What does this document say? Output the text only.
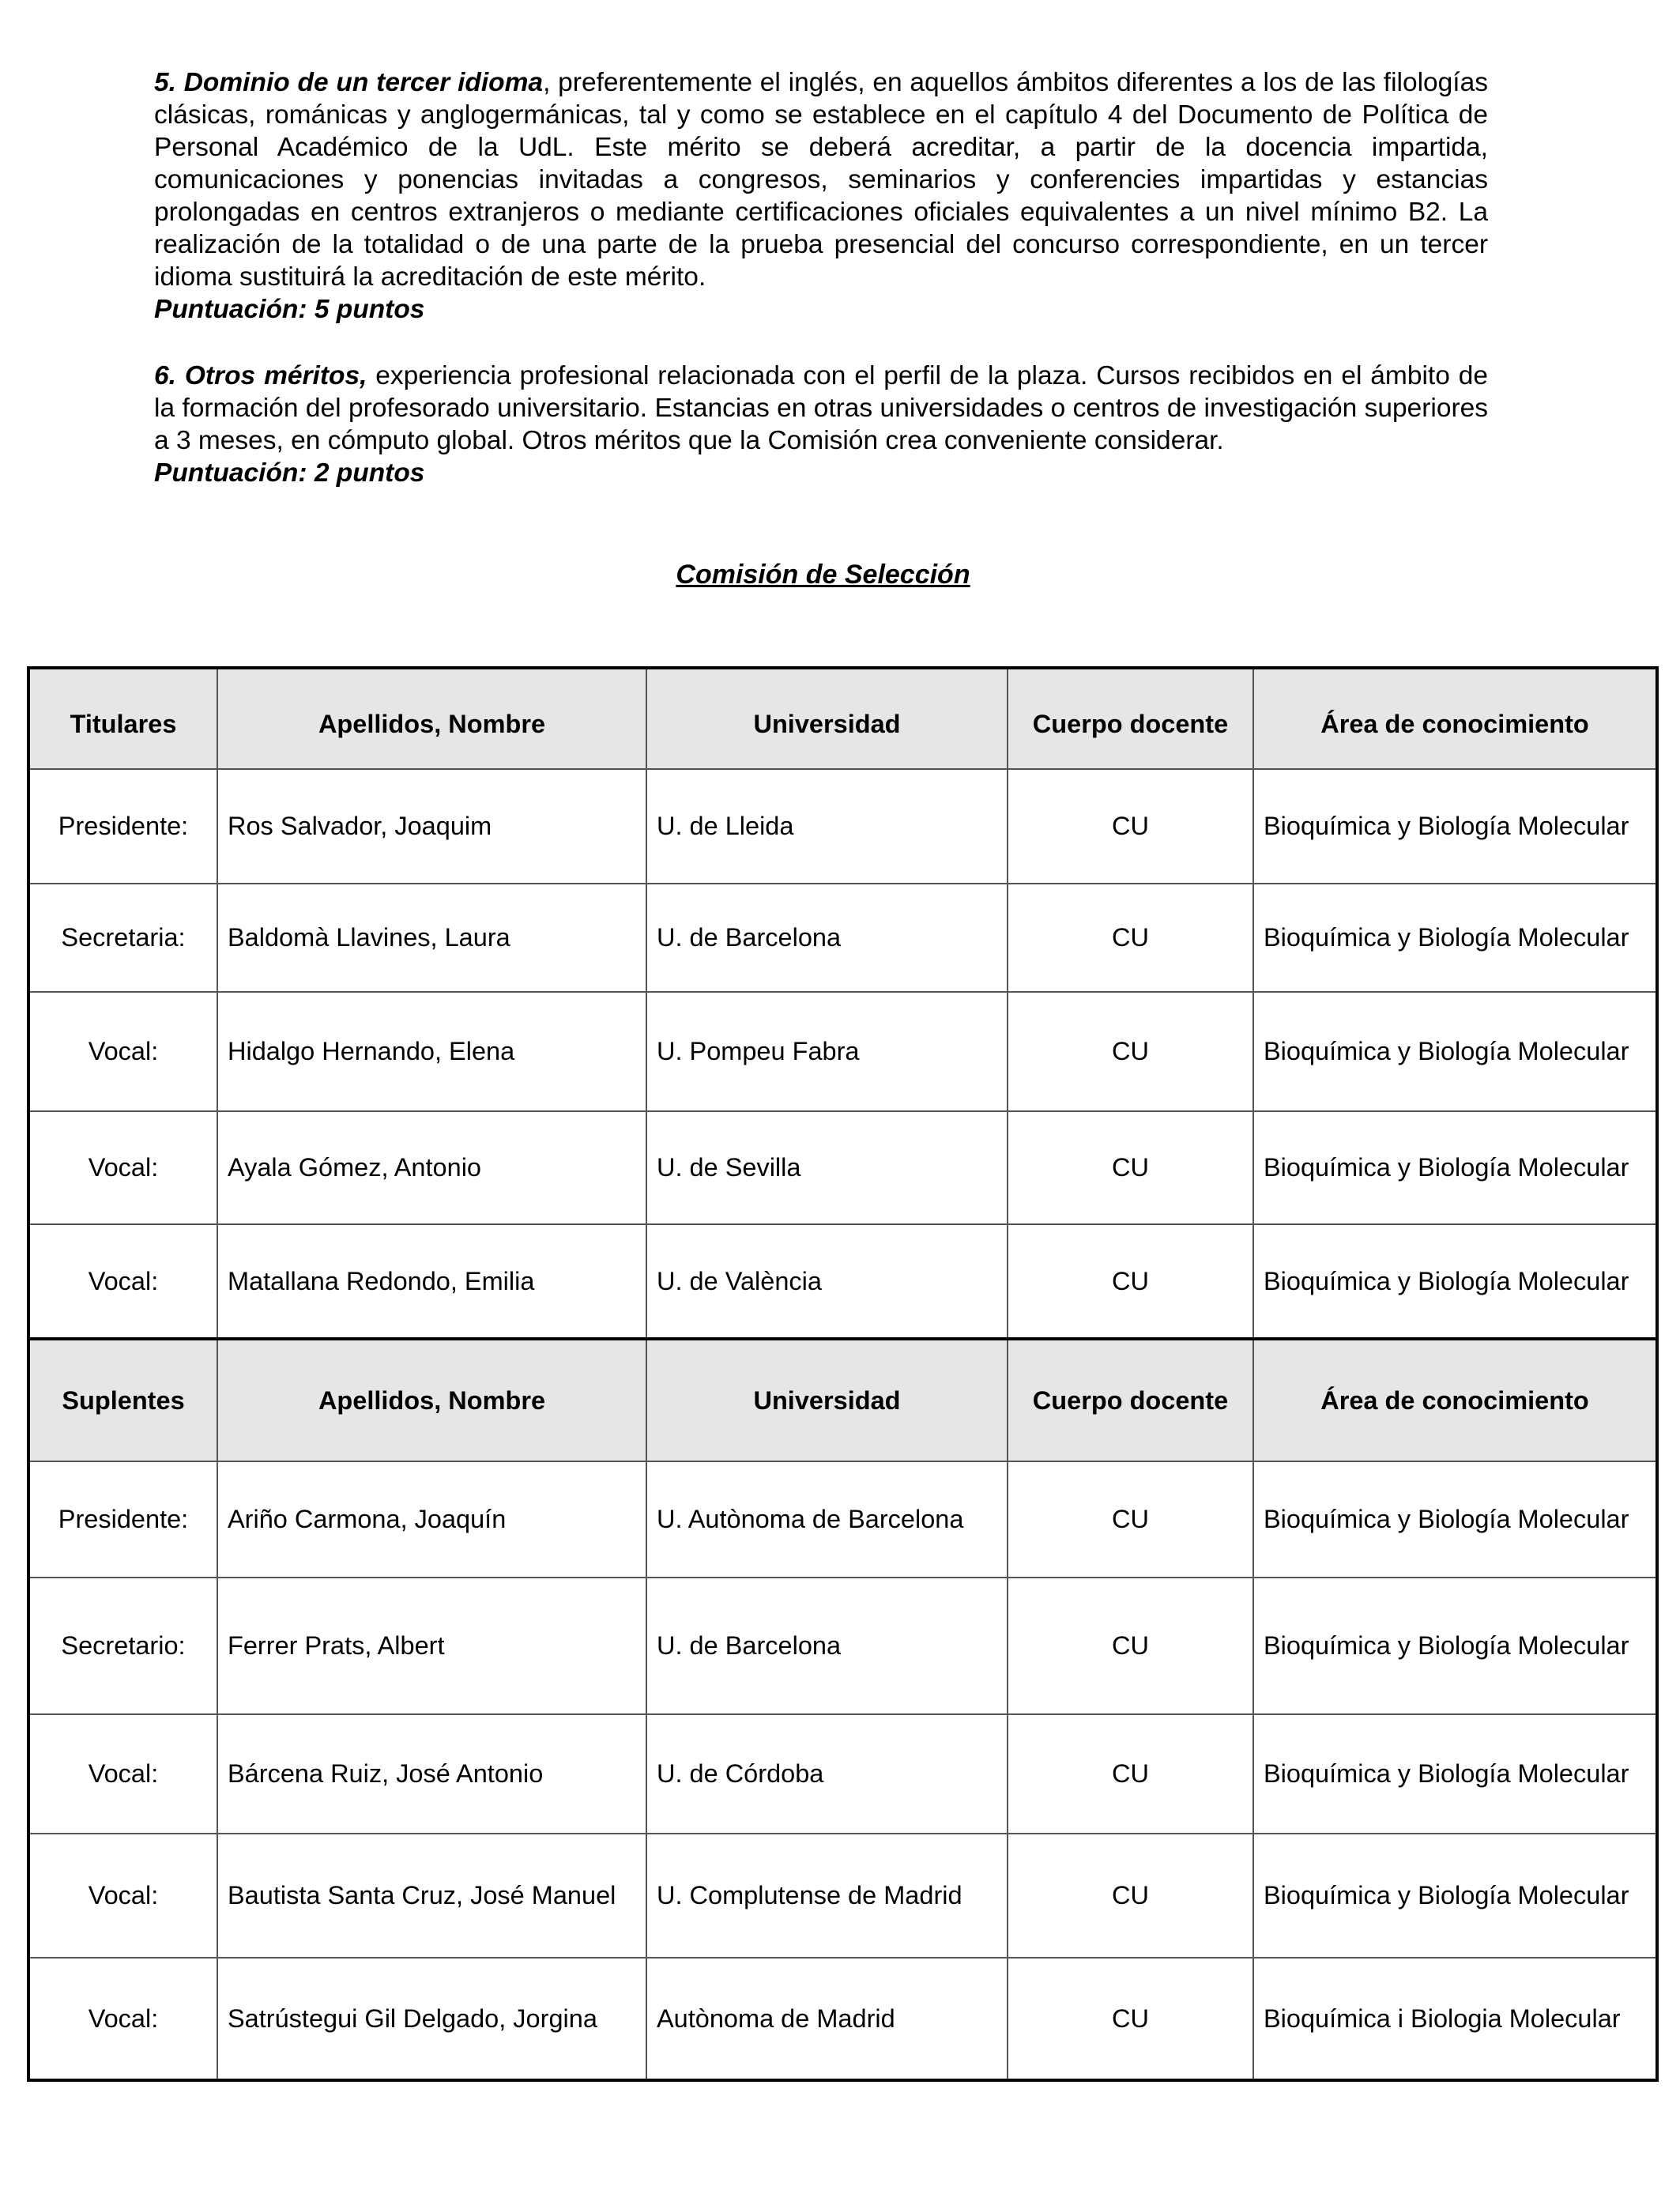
5. Dominio de un tercer idioma, preferentemente el inglés, en aquellos ámbitos diferentes a los de las filologías clásicas, románicas y anglogermánicas, tal y como se establece en el capítulo 4 del Documento de Política de Personal Académico de la UdL. Este mérito se deberá acreditar, a partir de la docencia impartida, comunicaciones y ponencias invitadas a congresos, seminarios y conferencies impartidas y estancias prolongadas en centros extranjeros o mediante certificaciones oficiales equivalentes a un nivel mínimo B2. La realización de la totalidad o de una parte de la prueba presencial del concurso correspondiente, en un tercer idioma sustituirá la acreditación de este mérito.
Puntuación: 5 puntos
6. Otros méritos, experiencia profesional relacionada con el perfil de la plaza. Cursos recibidos en el ámbito de la formación del profesorado universitario. Estancias en otras universidades o centros de investigación superiores a 3 meses, en cómputo global. Otros méritos que la Comisión crea conveniente considerar.
Puntuación: 2 puntos
Comisión de Selección
Titulares	Apellidos, Nombre	Universidad	Cuerpo docente	Área de conocimiento
Presidente:	Ros Salvador, Joaquim	U. de Lleida	CU	Bioquímica y Biología Molecular
Secretaria:	Baldomà Llavines, Laura	U. de Barcelona	CU	Bioquímica y Biología Molecular
Vocal:	Hidalgo Hernando, Elena	U. Pompeu Fabra	CU	Bioquímica y Biología Molecular
Vocal:	Ayala Gómez, Antonio	U. de Sevilla	CU	Bioquímica y Biología Molecular
Vocal:	Matallana Redondo, Emilia	U. de València	CU	Bioquímica y Biología Molecular
Suplentes	Apellidos, Nombre	Universidad	Cuerpo docente	Área de conocimiento
Presidente:	Ariño Carmona, Joaquín	U. Autònoma de Barcelona	CU	Bioquímica y Biología Molecular
Secretario:	Ferrer Prats, Albert	U. de Barcelona	CU	Bioquímica y Biología Molecular
Vocal:	Bárcena Ruiz, José Antonio	U. de Córdoba	CU	Bioquímica y Biología Molecular
Vocal:	Bautista Santa Cruz, José Manuel	U. Complutense de Madrid	CU	Bioquímica y Biología Molecular
Vocal:	Satrústegui Gil Delgado, Jorgina	Autònoma de Madrid	CU	Bioquímica i Biologia Molecular
